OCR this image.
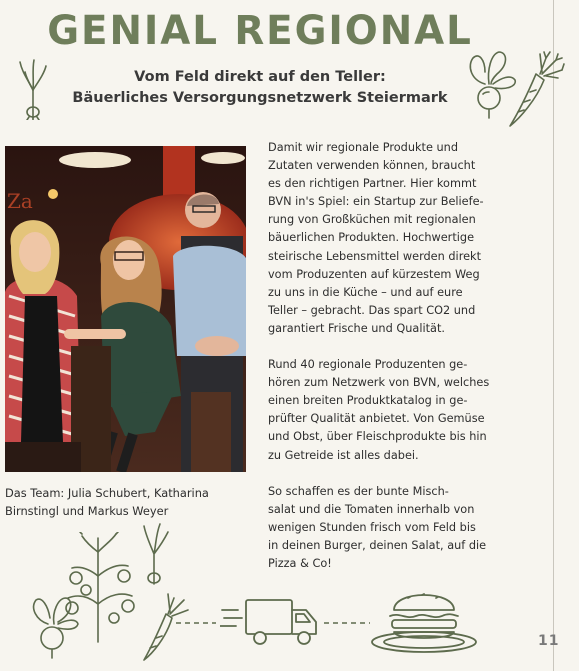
GENIAL REGIONAL
Vom Feld direkt auf den Teller:
Bäuerliches Versorgungsnetzwerk Steiermark
Za
Das Team: Julia Schubert, Katharina
Birnstingl und Markus Weyer

Damit wir regionale Produkte und
Zutaten verwenden können, braucht
es den richtigen Partner. Hier kommt
BVN in's Spiel: ein Startup zur Beliefe-
rung von Großküchen mit regionalen
bäuerlichen Produkten. Hochwertige
steirische Lebensmittel werden direkt
vom Produzenten auf kürzestem Weg
zu uns in die Küche – und auf eure
Teller – gebracht. Das spart CO2 und
garantiert Frische und Qualität.

Rund 40 regionale Produzenten ge-
hören zum Netzwerk von BVN, welches
einen breiten Produktkatalog in ge-
prüfter Qualität anbietet. Von Gemüse
und Obst, über Fleischprodukte bis hin
zu Getreide ist alles dabei.

So schaffen es der bunte Misch-
salat und die Tomaten innerhalb von
wenigen Stunden frisch vom Feld bis
in deinen Burger, deinen Salat, auf die
Pizza & Co!

11
